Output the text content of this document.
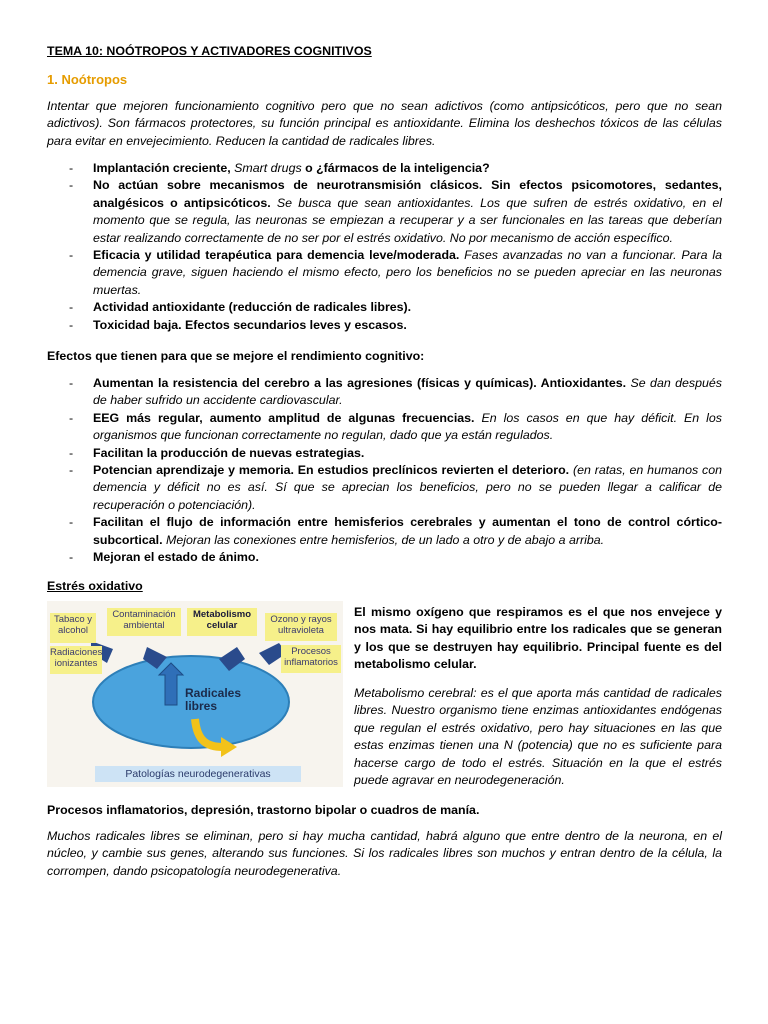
TEMA 10: NOÓTROPOS Y ACTIVADORES COGNITIVOS
1. Noótropos
Intentar que mejoren funcionamiento cognitivo pero que no sean adictivos (como antipsicóticos, pero que no sean adictivos). Son fármacos protectores, su función principal es antioxidante. Elimina los deshechos tóxicos de las células para evitar en envejecimiento. Reducen la cantidad de radicales libres.
- Implantación creciente, Smart drugs o ¿fármacos de la inteligencia?
- No actúan sobre mecanismos de neurotransmisión clásicos. Sin efectos psicomotores, sedantes, analgésicos o antipsicóticos. Se busca que sean antioxidantes. Los que sufren de estrés oxidativo, en el momento que se regula, las neuronas se empiezan a recuperar y a ser funcionales en las tareas que deberían estar realizando correctamente de no ser por el estrés oxidativo. No por mecanismo de acción específico.
- Eficacia y utilidad terapéutica para demencia leve/moderada. Fases avanzadas no van a funcionar. Para la demencia grave, siguen haciendo el mismo efecto, pero los beneficios no se pueden apreciar en las neuronas muertas.
- Actividad antioxidante (reducción de radicales libres).
- Toxicidad baja. Efectos secundarios leves y escasos.
Efectos que tienen para que se mejore el rendimiento cognitivo:
- Aumentan la resistencia del cerebro a las agresiones (físicas y químicas). Antioxidantes. Se dan después de haber sufrido un accidente cardiovascular.
- EEG más regular, aumento amplitud de algunas frecuencias. En los casos en que hay déficit. En los organismos que funcionan correctamente no regulan, dado que ya están regulados.
- Facilitan la producción de nuevas estrategias.
- Potencian aprendizaje y memoria. En estudios preclínicos revierten el deterioro. (en ratas, en humanos con demencia y déficit no es así. Sí que se aprecian los beneficios, pero no se pueden llegar a calificar de recuperación o potenciación).
- Facilitan el flujo de información entre hemisferios cerebrales y aumentan el tono de control córtico-subcortical. Mejoran las conexiones entre hemisferios, de un lado a otro y de abajo a arriba.
- Mejoran el estado de ánimo.
Estrés oxidativo
Tabaco y alcohol
Contaminación ambiental
Metabolismo celular	Ozono y rayos ultravioleta
Radiaciones ionizantes
Procesos inflamatorios
Radicales libres
Patologías neurodegenerativas
El mismo oxígeno que respiramos es el que nos envejece y nos mata. Si hay equilibrio entre los radicales que se generan y los que se destruyen hay equilibrio. Principal fuente es del metabolismo celular.
Metabolismo cerebral: es el que aporta más cantidad de radicales libres. Nuestro organismo tiene enzimas antioxidantes endógenas que regulan el estrés oxidativo, pero hay situaciones en las que estas enzimas tienen una N (potencia) que no es suficiente para hacerse cargo de todo el estrés. Situación en la que el estrés puede agravar en neurodegeneración.
Procesos inflamatorios, depresión, trastorno bipolar o cuadros de manía.
Muchos radicales libres se eliminan, pero si hay mucha cantidad, habrá alguno que entre dentro de la neurona, en el núcleo, y cambie sus genes, alterando sus funciones. Si los radicales libres son muchos y entran dentro de la célula, la corrompen, dando psicopatología neurodegenerativa.
